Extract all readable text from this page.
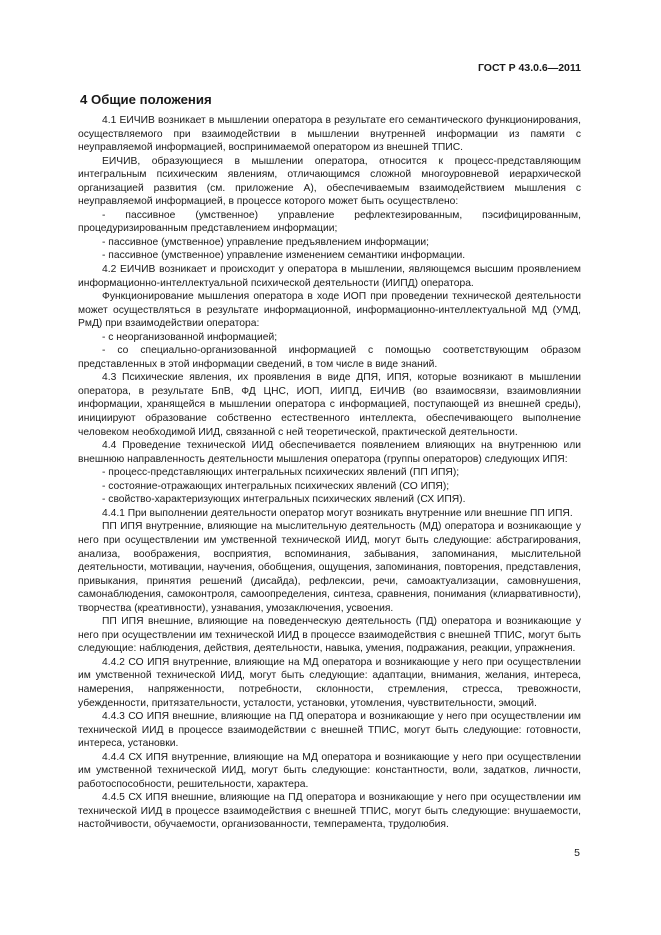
ГОСТ Р 43.0.6—2011
4 Общие положения

4.1 ЕИЧИВ возникает в мышлении оператора в результате его семантического функционирования, осуществляемого при взаимодействии в мышлении внутренней информации из памяти с неуправляемой информацией, воспринимаемой оператором из внешней ТПИС.

ЕИЧИВ, образующиеся в мышлении оператора, относится к процесс-представляющим интегральным психическим явлениям, отличающимся сложной многоуровневой иерархической организацией развития (см. приложение А), обеспечиваемым взаимодействием мышления с неуправляемой информацией, в процессе которого может быть осуществлено:

- пассивное (умственное) управление рефлектезированным, пэсифицированным, процедуризированным представлением информации;

- пассивное (умственное) управление предъявлением информации;

- пассивное (умственное) управление изменением семантики информации.

4.2 ЕИЧИВ возникает и происходит у оператора в мышлении, являющемся высшим проявлением информационно-интеллектуальной психической деятельности (ИИПД) оператора.

Функционирование мышления оператора в ходе ИОП при проведении технической деятельности может осуществляться в результате информационной, информационно-интеллектуальной МД (УМД, РмД) при взаимодействии оператора:

- с неорганизованной информацией;

- со специально-организованной информацией с помощью соответствующим образом представленных в этой информации сведений, в том числе в виде знаний.

4.3 Психические явления, их проявления в виде ДПЯ, ИПЯ, которые возникают в мышлении оператора, в результате БпВ, ФД ЦНС, ИОП, ИИПД, ЕИЧИВ (во взаимосвязи, взаимовлиянии информации, хранящейся в мышлении оператора с информацией, поступающей из внешней среды), инициируют образование собственно естественного интеллекта, обеспечивающего выполнение человеком необходимой ИИД, связанной с ней теоретической, практической деятельности.

4.4 Проведение технической ИИД обеспечивается появлением влияющих на внутреннюю или внешнюю направленность деятельности мышления оператора (группы операторов) следующих ИПЯ:

- процесс-представляющих интегральных психических явлений (ПП ИПЯ);

- состояние-отражающих интегральных психических явлений (СО ИПЯ);

- свойство-характеризующих интегральных психических явлений (СХ ИПЯ).

4.4.1 При выполнении деятельности оператор могут возникать внутренние или внешние ПП ИПЯ.

ПП ИПЯ внутренние, влияющие на мыслительную деятельность (МД) оператора и возникающие у него при осуществлении им умственной технической ИИД, могут быть следующие: абстрагирования, анализа, воображения, восприятия, вспоминания, забывания, запоминания, мыслительной деятельности, мотивации, научения, обобщения, ощущения, запоминания, повторения, представления, привыкания, принятия решений (дисайда), рефлексии, речи, самоактуализации, самовнушения, самонаблюдения, самоконтроля, самоопределения, синтеза, сравнения, понимания (клиарвативности), творчества (креативности), узнавания, умозаключения, усвоения.

ПП ИПЯ внешние, влияющие на поведенческую деятельность (ПД) оператора и возникающие у него при осуществлении им технической ИИД в процессе взаимодействия с внешней ТПИС, могут быть следующие: наблюдения, действия, деятельности, навыка, умения, подражания, реакции, упражнения.

4.4.2 СО ИПЯ внутренние, влияющие на МД оператора и возникающие у него при осуществлении им умственной технической ИИД, могут быть следующие: адаптации, внимания, желания, интереса, намерения, напряженности, потребности, склонности, стремления, стресса, тревожности, убежденности, притязательности, усталости, установки, утомления, чувствительности, эмоций.

4.4.3 СО ИПЯ внешние, влияющие на ПД оператора и возникающие у него при осуществлении им технической ИИД в процессе взаимодействии с внешней ТПИС, могут быть следующие: готовности, интереса, установки.

4.4.4 СХ ИПЯ внутренние, влияющие на МД оператора и возникающие у него при осуществлении им умственной технической ИИД, могут быть следующие: константности, воли, задатков, личности, работоспособности, решительности, характера.

4.4.5 СХ ИПЯ внешние, влияющие на ПД оператора и возникающие у него при осуществлении им технической ИИД в процессе взаимодействия с внешней ТПИС, могут быть следующие: внушаемости, настойчивости, обучаемости, организованности, темперамента, трудолюбия.

5
